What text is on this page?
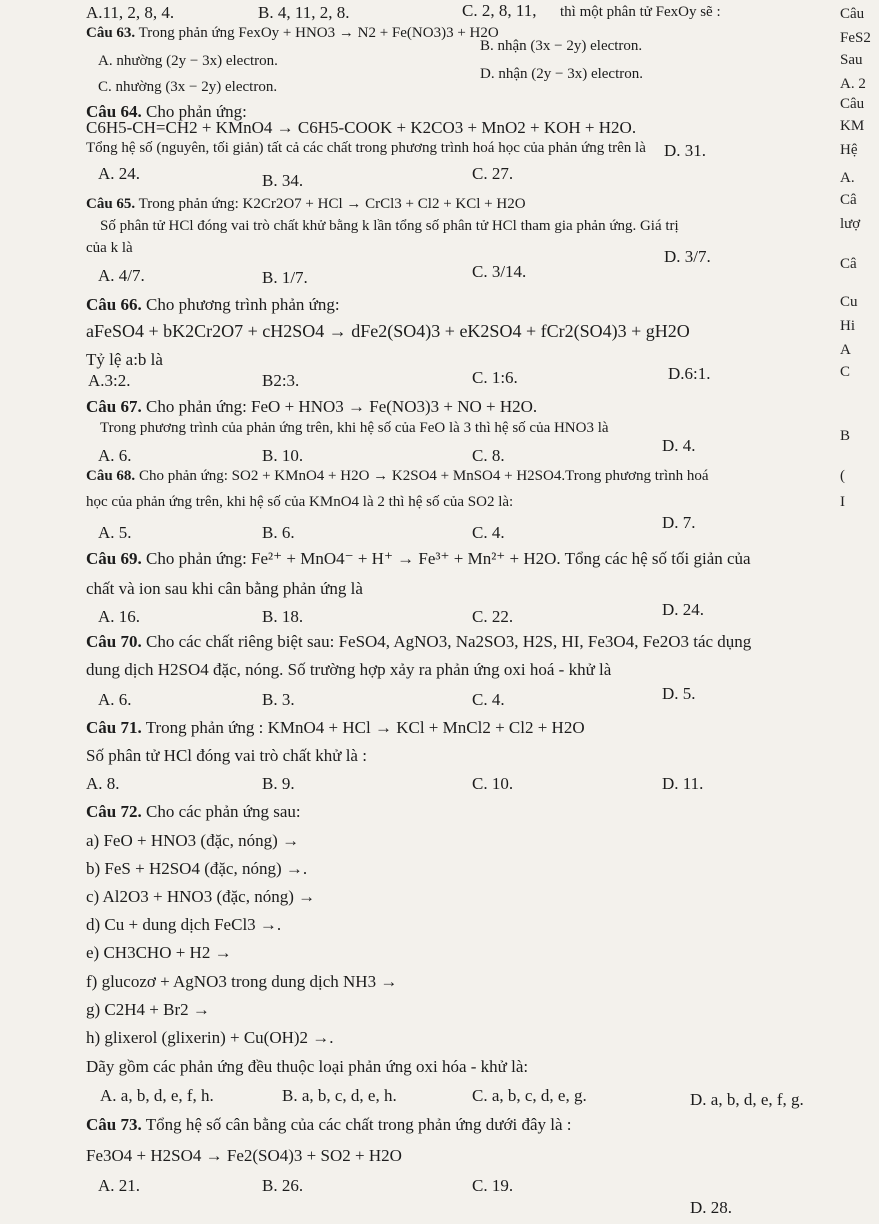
A.11, 2, 8, 4.	B. 4, 11, 2, 8.	C. 2, 8, 11, thì một phân tử FexOy sẽ :
Câu 63. Trong phản ứng FexOy + HNO3 → N2 + Fe(NO3)3 + H2O
A. nhường (2y − 3x) electron.
B. nhận (3x − 2y) electron.
C. nhường (3x − 2y) electron.
D. nhận (2y − 3x) electron.
Câu 64. Cho phản ứng:
C6H5-CH=CH2 + KMnO4 → C6H5-COOK + K2CO3 + MnO2 + KOH + H2O.
Tổng hệ số (nguyên, tối giản) tất cả các chất trong phương trình hoá học của phản ứng trên là
A. 24.	B. 34.	C. 27.
D. 31.
Câu 65. Trong phản ứng: K2Cr2O7 + HCl → CrCl3 + Cl2 + KCl + H2O
Số phân tử HCl đóng vai trò chất khử bằng k lần tổng số phân tử HCl tham gia phản ứng. Giá trị
của k là
A. 4/7.	B. 1/7.	C. 3/14.
D. 3/7.
Câu 66. Cho phương trình phản ứng:
aFeSO4 + bK2Cr2O7 + cH2SO4 → dFe2(SO4)3 + eK2SO4 + fCr2(SO4)3 + gH2O
Tỷ lệ a:b là
A.3:2.	B2:3.	C. 1:6.	D.6:1.
Câu 67. Cho phản ứng: FeO + HNO3 → Fe(NO3)3 + NO + H2O.
Trong phương trình của phản ứng trên, khi hệ số của FeO là 3 thì hệ số của HNO3 là
A. 6.	B. 10.	C. 8.
D. 4.
Câu 68. Cho phản ứng: SO2 + KMnO4 + H2O → K2SO4 + MnSO4 + H2SO4.Trong phương trình hoá
học của phản ứng trên, khi hệ số của KMnO4 là 2 thì hệ số của SO2 là:
A. 5.	B. 6.	C. 4.
D. 7.
Câu 69. Cho phản ứng: Fe²⁺ + MnO4⁻ + H⁺ → Fe³⁺ + Mn²⁺ + H2O. Tổng các hệ số tối giản của
chất và ion sau khi cân bằng phản ứng là
A. 16.	B. 18.	C. 22.	D. 24.
Câu 70. Cho các chất riêng biệt sau: FeSO4, AgNO3, Na2SO3, H2S, HI, Fe3O4, Fe2O3 tác dụng
dung dịch H2SO4 đặc, nóng. Số trường hợp xảy ra phản ứng oxi hoá - khử là
A. 6.	B. 3.	C. 4.	D. 5.
Câu 71. Trong phản ứng : KMnO4 + HCl → KCl + MnCl2 + Cl2 + H2O
Số phân tử HCl đóng vai trò chất khử là :
A. 8.	B. 9.	C. 10.	D. 11.
Câu 72. Cho các phản ứng sau:
a) FeO + HNO3 (đặc, nóng) →
b) FeS + H2SO4 (đặc, nóng) →.
c) Al2O3 + HNO3 (đặc, nóng) →
d) Cu + dung dịch FeCl3 →.
e) CH3CHO + H2 →
f) glucozơ + AgNO3 trong dung dịch NH3 →
g) C2H4 + Br2 →
h) glixerol (glixerin) + Cu(OH)2 →.
Dãy gồm các phản ứng đều thuộc loại phản ứng oxi hóa - khử là:
A. a, b, d, e, f, h.	B. a, b, c, d, e, h.	C. a, b, c, d, e, g.	D. a, b, d, e, f, g.
Câu 73. Tổng hệ số cân bằng của các chất trong phản ứng dưới đây là :
Fe3O4 + H2SO4 → Fe2(SO4)3 + SO2 + H2O
A. 21.	B. 26.	C. 19.
D. 28.
Câu
FeS2
Sau
A. 2
Câu
KM
Hệ
A.
Câ
lượ
Câ
Cu
Hi
A
C
B
(
I
